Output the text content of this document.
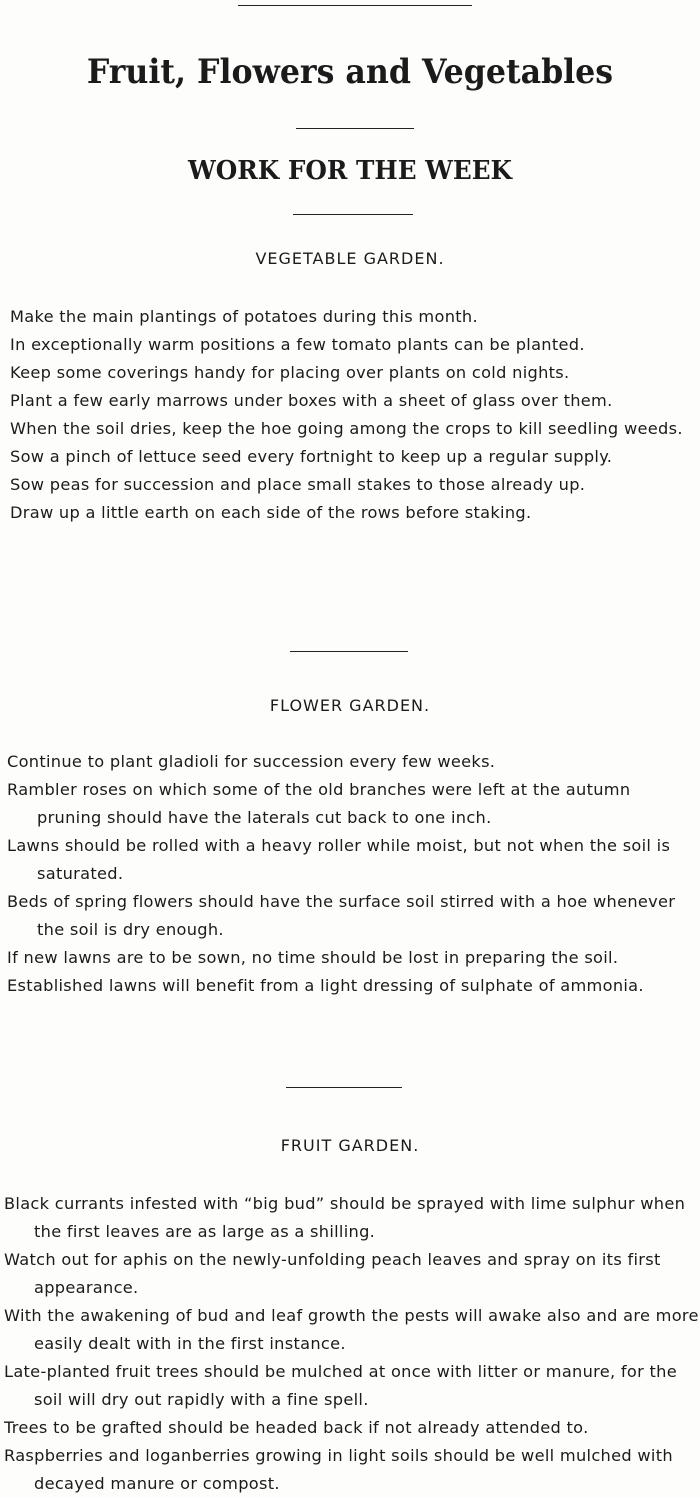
Fruit, Flowers and Vegetables
WORK FOR THE WEEK
VEGETABLE GARDEN.
Make the main plantings of potatoes during this month.
In exceptionally warm positions a few tomato plants can be planted.
Keep some coverings handy for placing over plants on cold nights.
Plant a few early marrows under boxes with a sheet of glass over them.
When the soil dries, keep the hoe going among the crops to kill seedling weeds.
Sow a pinch of lettuce seed every fortnight to keep up a regular supply.
Sow peas for succession and place small stakes to those already up.
Draw up a little earth on each side of the rows before staking.
FLOWER GARDEN.
Continue to plant gladioli for succession every few weeks.
Rambler roses on which some of the old branches were left at the autumn pruning should have the laterals cut back to one inch.
Lawns should be rolled with a heavy roller while moist, but not when the soil is saturated.
Beds of spring flowers should have the surface soil stirred with a hoe whenever the soil is dry enough.
If new lawns are to be sown, no time should be lost in preparing the soil.
Established lawns will benefit from a light dressing of sulphate of ammonia.
FRUIT GARDEN.
Black currants infested with “big bud” should be sprayed with lime sulphur when the first leaves are as large as a shilling.
Watch out for aphis on the newly-unfolding peach leaves and spray on its first appearance.
With the awakening of bud and leaf growth the pests will awake also and are more easily dealt with in the first instance.
Late-planted fruit trees should be mulched at once with litter or manure, for the soil will dry out rapidly with a fine spell.
Trees to be grafted should be headed back if not already attended to.
Raspberries and loganberries growing in light soils should be well mulched with decayed manure or compost.
